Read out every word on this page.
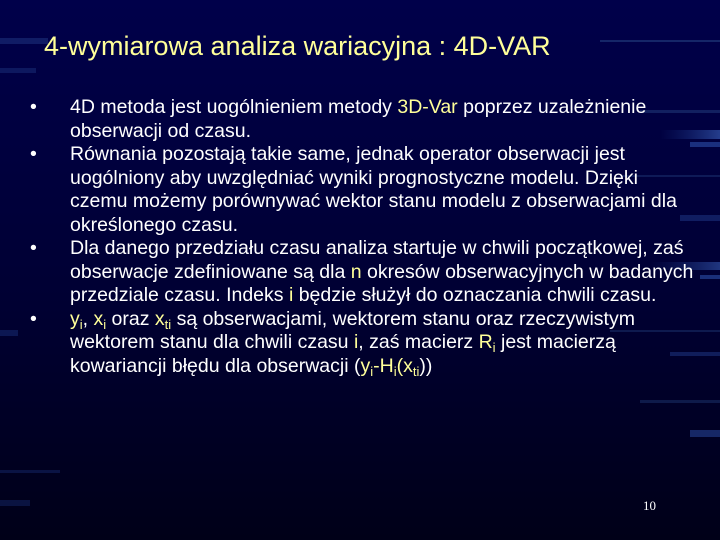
4-wymiarowa analiza wariacyjna : 4D-VAR
• 4D metoda jest uogólnieniem metody 3D-Var poprzez uzależnienie obserwacji od czasu.
• Równania pozostają takie same, jednak operator obserwacji jest uogólniony aby uwzględniać wyniki prognostyczne modelu. Dzięki czemu możemy porównywać wektor stanu modelu z obserwacjami dla określonego czasu.
• Dla danego przedziału czasu analiza startuje w chwili początkowej, zaś obserwacje zdefiniowane są dla n okresów obserwacyjnych w badanych przedziale czasu. Indeks i będzie służył do oznaczania chwili czasu.
• $y_i$, $x_i$ oraz $x_{ti}$ są obserwacjami, wektorem stanu oraz rzeczywistym wektorem stanu dla chwili czasu i, zaś macierz $R_i$ jest macierzą kowariancji błędu dla obserwacji $(y_i-H_i(x_{ti}))$
10
